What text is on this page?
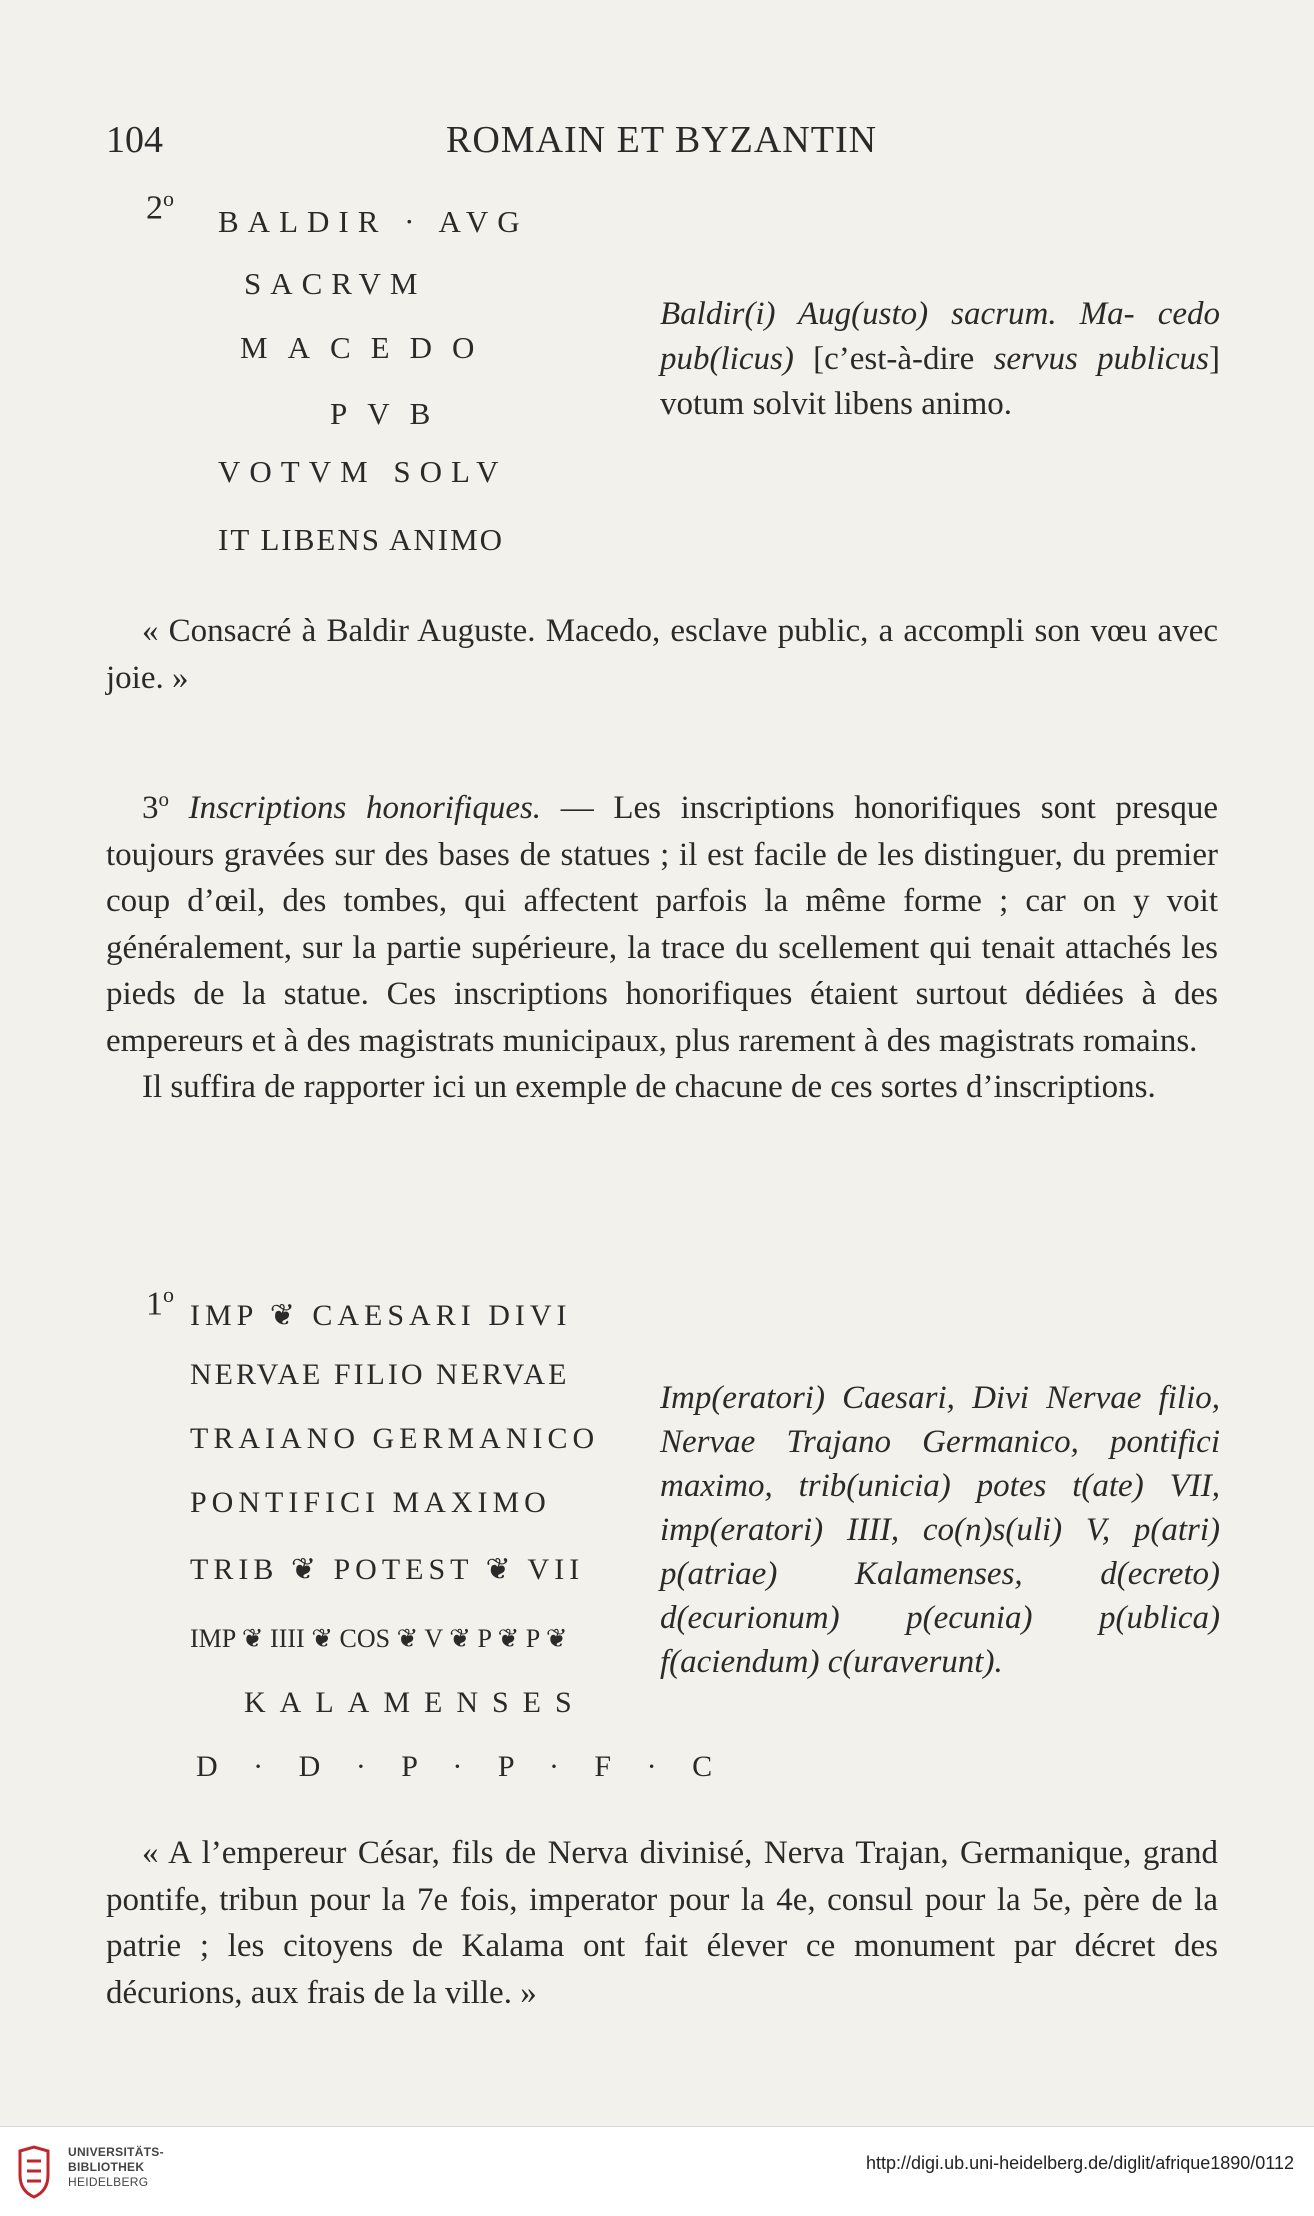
104	ROMAIN ET BYZANTIN
2$^o$
BALDIR · AVG
SACRVM
MACEDO
PVB
VOTVM SOLV
IT LIBENS ANIMO
Baldir(i) Aug(usto) sacrum. Ma- cedo pub(licus) [c’est-à-dire servus publicus] votum solvit libens animo.

« Consacré à Baldir Auguste. Macedo, esclave public, a accompli son vœu avec joie. »

3$^o$ Inscriptions honorifiques. — Les inscriptions honorifiques sont presque toujours gravées sur des bases de statues ; il est facile de les distinguer, du premier coup d’œil, des tombes, qui affectent parfois la même forme ; car on y voit généralement, sur la partie supérieure, la trace du scellement qui tenait attachés les pieds de la statue. Ces inscriptions honorifiques étaient surtout dédiées à des empereurs et à des magistrats municipaux, plus rarement à des magistrats romains.

Il suffira de rapporter ici un exemple de chacune de ces sortes d’inscriptions.

1$^o$
IMP ❦ CAESARI DIVI
NERVAE FILIO NERVAE
TRAIANO GERMANICO
PONTIFICI MAXIMO
TRIB ❦ POTEST ❦ VII
IMP ❦ IIII ❦ COS ❦ V ❦ P ❦ P ❦
KALAMENSES
D · D · P · P · F · C
Imp(eratori) Caesari, Divi Nervae filio, Nervae Trajano Germanico, pontifici maximo, trib(unicia) potes t(ate) VII, imp(eratori) IIII, co(n)s(uli) V, p(atri) p(atriae) Kalamenses, d(ecreto) d(ecurionum) p(ecunia) p(ublica) f(aciendum) c(uraverunt).

« A l’empereur César, fils de Nerva divinisé, Nerva Trajan, Germanique, grand pontife, tribun pour la 7e fois, imperator pour la 4e, consul pour la 5e, père de la patrie ; les citoyens de Kalama ont fait élever ce monument par décret des décurions, aux frais de la ville. »

UNIVERSITÄTS-
BIBLIOTHEK
HEIDELBERG
http://digi.ub.uni-heidelberg.de/diglit/afrique1890/0112
